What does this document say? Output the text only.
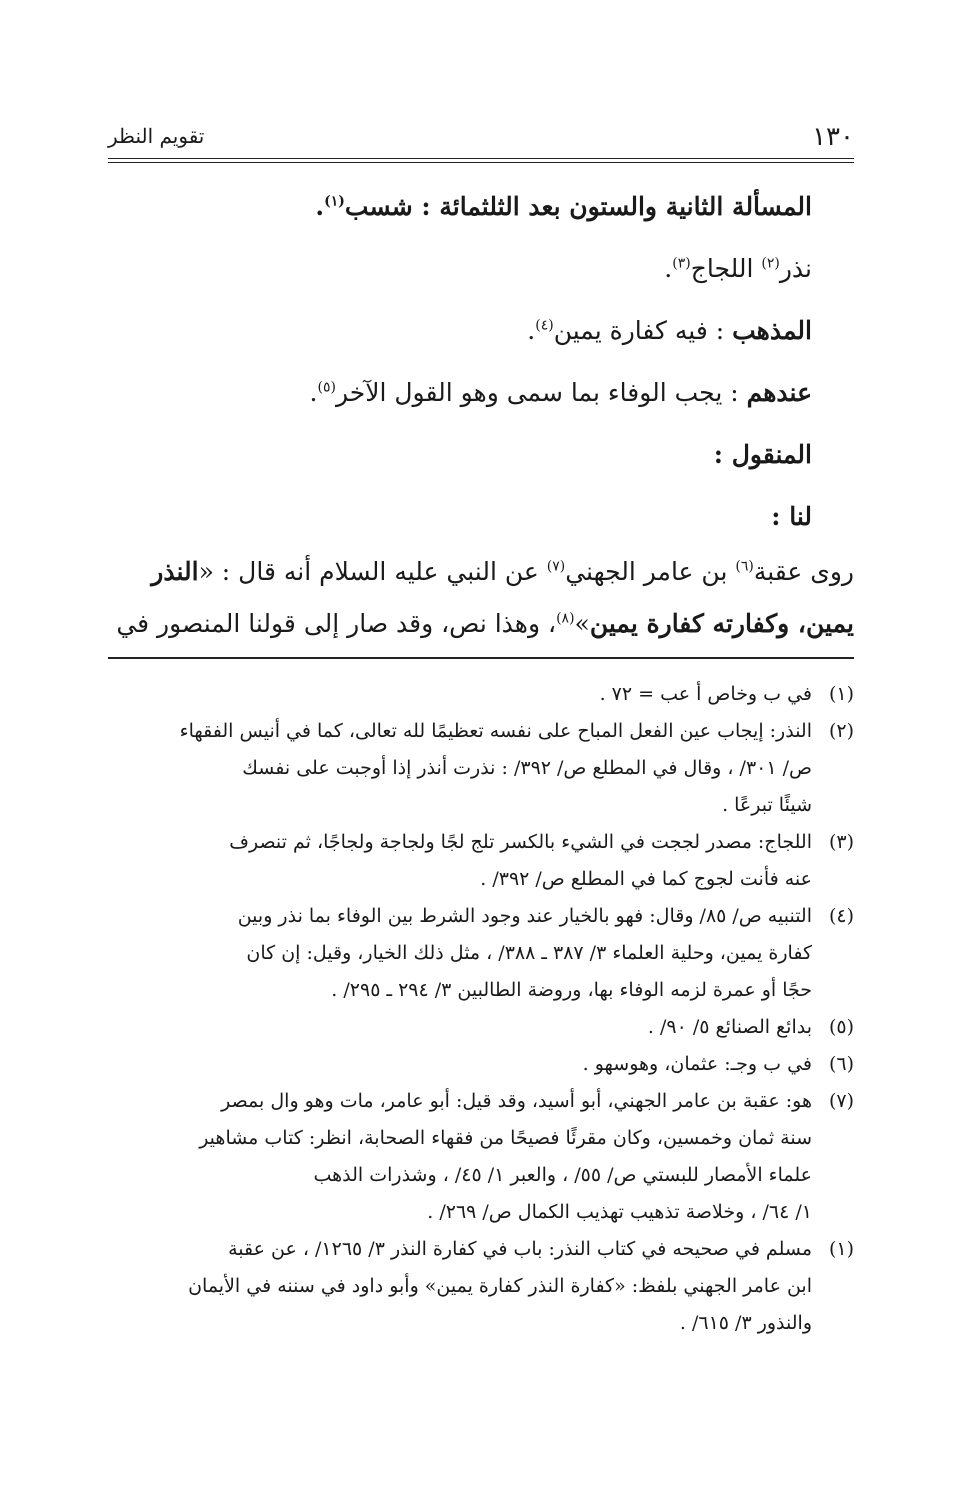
١٣٠
تقويم النظر
المسألة الثانية والستون بعد الثلثمائة : شسب$^{(١)}$.
نذر$^{(٢)}$ اللجاج$^{(٣)}$.
المذهب : فيه كفارة يمين$^{(٤)}$.
عندهم : يجب الوفاء بما سمى وهو القول الآخر$^{(٥)}$.
المنقول :
لنا :
روى عقبة$^{(٦)}$ بن عامر الجهني$^{(٧)}$ عن النبي عليه السلام أنه قال : «النذر
يمين، وكفارته كفارة يمين»$^{(٨)}$، وهذا نص، وقد صار إلى قولنا المنصور في
(١)
في ب وخاص أ عب = ٧٢ .
(٢)
النذر: إيجاب عين الفعل المباح على نفسه تعظيمًا لله تعالى، كما في أنيس الفقهاء
ص/ ٣٠١/ ، وقال في المطلع ص/ ٣٩٢/ : نذرت أنذر إذا أوجبت على نفسك
شيئًا تبرعًا .
(٣)
اللجاج: مصدر لججت في الشيء بالكسر تلج لجًا ولجاجة ولجاجًا، ثم تنصرف
عنه فأنت لجوج كما في المطلع ص/ ٣٩٢/ .
(٤)
التنبيه ص/ ٨٥/ وقال: فهو بالخيار عند وجود الشرط بين الوفاء بما نذر وبين
كفارة يمين، وحلية العلماء ٣/ ٣٨٧ ـ ٣٨٨/ ، مثل ذلك الخيار، وقيل: إن كان
حجًا أو عمرة لزمه الوفاء بها، وروضة الطالبين ٣/ ٢٩٤ ـ ٢٩٥/ .
(٥)
بدائع الصنائع ٥/ ٩٠/ .
(٦)
في ب وجـ: عثمان، وهوسهو .
(٧)
هو: عقبة بن عامر الجهني، أبو أسيد، وقد قيل: أبو عامر، مات وهو وال بمصر
سنة ثمان وخمسين، وكان مقرئًا فصيحًا من فقهاء الصحابة، انظر: كتاب مشاهير
علماء الأمصار للبستي ص/ ٥٥/ ، والعبر ١/ ٤٥/ ، وشذرات الذهب
١/ ٦٤/ ، وخلاصة تذهيب تهذيب الكمال ص/ ٢٦٩/ .
(١)
مسلم في صحيحه في كتاب النذر: باب في كفارة النذر ٣/ ١٢٦٥/ ، عن عقبة
ابن عامر الجهني بلفظ: «كفارة النذر كفارة يمين» وأبو داود في سننه في الأيمان
والنذور ٣/ ٦١٥/ .
